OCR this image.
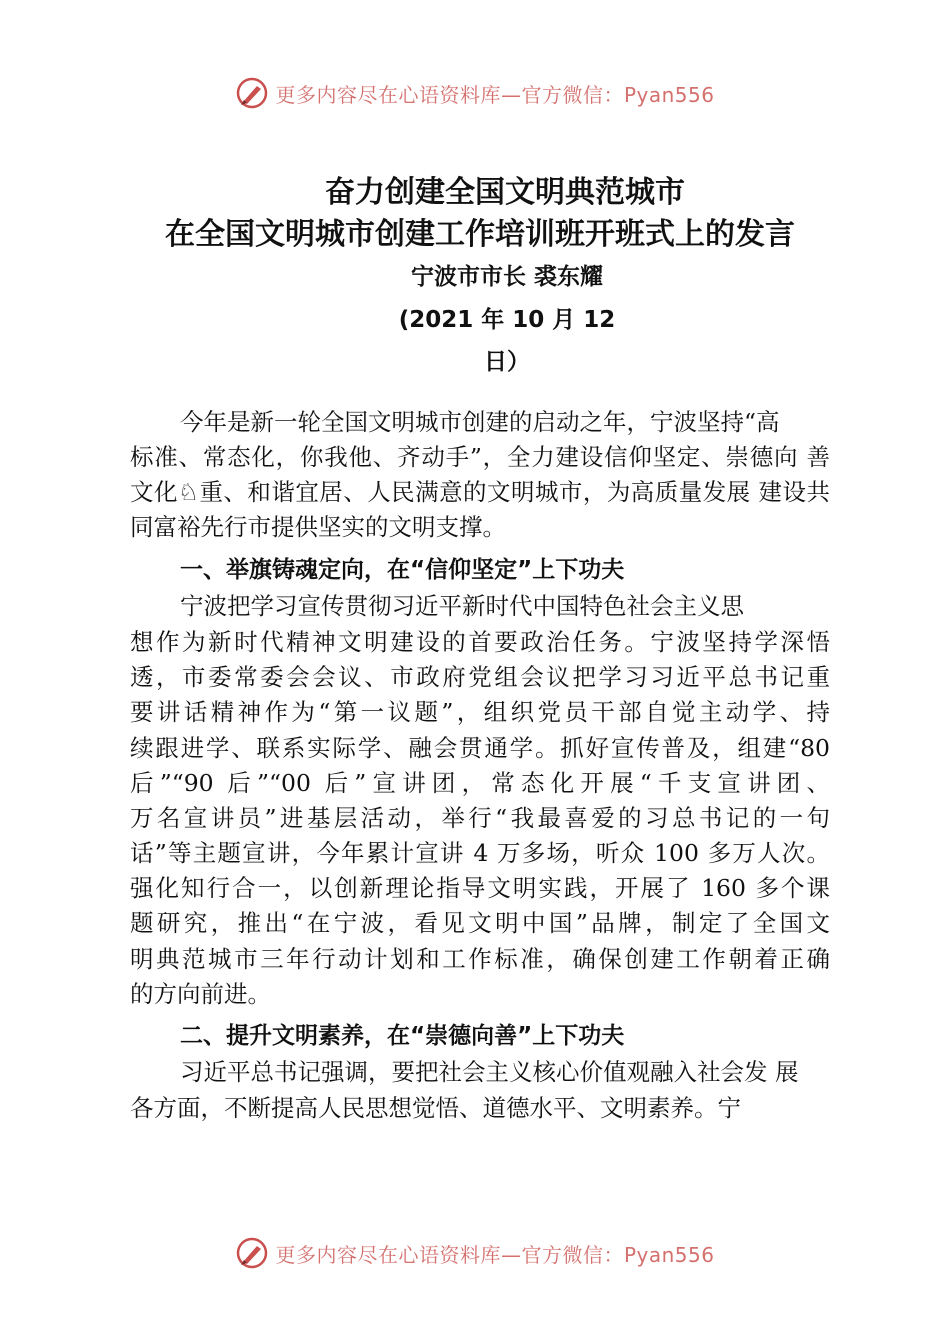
更多内容尽在心语资料库—官方微信：Pyan556
奋力创建全国文明典范城市
在全国文明城市创建工作培训班开班式上的发言
宁波市市长 裘东耀
(2021 年 10 月 12
日）
今年是新一轮全国文明城市创建的启动之年，宁波坚持“高
标准、常态化，你我他、齐动手”，全力建设信仰坚定、崇德向 善
文化♘重、和谐宜居、人民满意的文明城市，为高质量发展 建设共
同富裕先行市提供坚实的文明支撑。
一、举旗铸魂定向，在“信仰坚定”上下功夫
宁波把学习宣传贯彻习近平新时代中国特色社会主义思
想作为新时代精神文明建设的首要政治任务。宁波坚持学深悟
透，市委常委会会议、市政府党组会议把学习习近平总书记重
要讲话精神作为“第一议题”，组织党员干部自觉主动学、持
续跟进学、联系实际学、融会贯通学。抓好宣传普及，组建“80
后”“90 后”“00 后”宣讲团，常态化开展“千支宣讲团、
万名宣讲员”进基层活动，举行“我最喜爱的习总书记的一句
话”等主题宣讲，今年累计宣讲 4 万多场，听众 100 多万人次。
强化知行合一，以创新理论指导文明实践，开展了 160 多个课
题研究，推出“在宁波，看见文明中国”品牌，制定了全国文
明典范城市三年行动计划和工作标准，确保创建工作朝着正确
的方向前进。
二、提升文明素养，在“崇德向善”上下功夫
习近平总书记强调，要把社会主义核心价值观融入社会发 展
各方面，不断提高人民思想觉悟、道德水平、文明素养。宁
更多内容尽在心语资料库—官方微信：Pyan556
